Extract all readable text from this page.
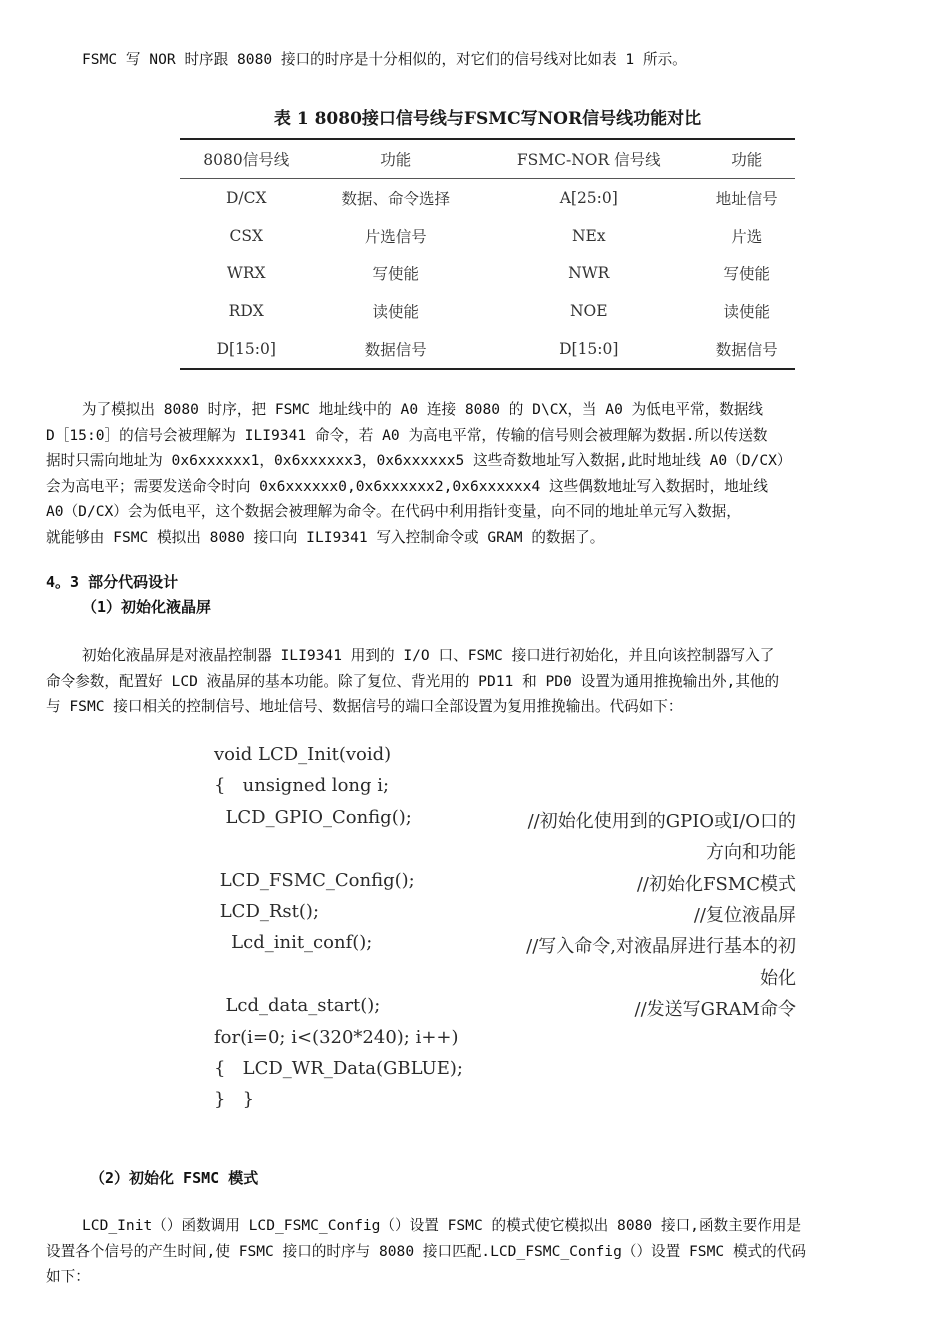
FSMC 写 NOR 时序跟 8080 接口的时序是十分相似的，对它们的信号线对比如表 1 所示。

表 1 8080接口信号线与FSMC写NOR信号线功能对比

8080信号线	功能	FSMC-NOR 信号线	功能
D/CX	数据、命令选择	A[25:0]	地址信号
CSX	片选信号	NEx	片选
WRX	写使能	NWR	写使能
RDX	读使能	NOE	读使能
D[15:0]	数据信号	D[15:0]	数据信号
为了模拟出 8080 时序，把 FSMC 地址线中的 A0 连接 8080 的 D\CX，当 A0 为低电平常，数据线
D［15:0］的信号会被理解为 ILI9341 命令，若 A0 为高电平常，传输的信号则会被理解为数据.所以传送数
据时只需向地址为 0x6xxxxxx1，0x6xxxxxx3，0x6xxxxxx5 这些奇数地址写入数据,此时地址线 A0（D/CX）
会为高电平；需要发送命令时向 0x6xxxxxx0,0x6xxxxxx2,0x6xxxxxx4 这些偶数地址写入数据时，地址线
A0（D/CX）会为低电平，这个数据会被理解为命令。在代码中利用指针变量，向不同的地址单元写入数据，
就能够由 FSMC 模拟出 8080 接口向 ILI9341 写入控制命令或 GRAM 的数据了。

4。3 部分代码设计

（1）初始化液晶屏

初始化液晶屏是对液晶控制器 ILI9341 用到的 I/O 口、FSMC 接口进行初始化，并且向该控制器写入了
命令参数，配置好 LCD 液晶屏的基本功能。除了复位、背光用的 PD11 和 PD0 设置为通用推挽输出外,其他的
与 FSMC 接口相关的控制信号、地址信号、数据信号的端口全部设置为复用推挽输出。代码如下：
void LCD_Init(void)
{   unsigned long i;
LCD_GPIO_Config();	//初始化使用到的GPIO或I/O口的
方向和功能
LCD_FSMC_Config();	//初始化FSMC模式
LCD_Rst();	//复位液晶屏
Lcd_init_conf();	//写入命令,对液晶屏进行基本的初
始化
Lcd_data_start();	//发送写GRAM命令
for(i=0; i<(320*240); i++)
{   LCD_WR_Data(GBLUE);
}   }

（2）初始化 FSMC 模式

LCD_Init（）函数调用 LCD_FSMC_Config（）设置 FSMC 的模式使它模拟出 8080 接口,函数主要作用是
设置各个信号的产生时间,使 FSMC 接口的时序与 8080 接口匹配.LCD_FSMC_Config（）设置 FSMC 模式的代码
如下：
